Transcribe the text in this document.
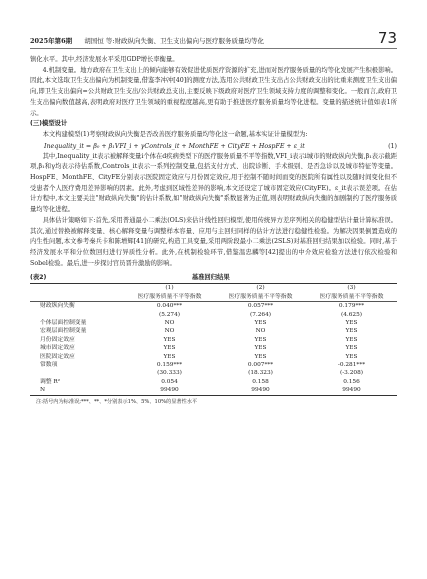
2025年第6期 胡国恒 等:财政纵向失衡、卫生支出偏向与医疗服务质量均等化	73

镇化水平。其中,经济发展水平采用GDP增长率衡量。

4.机制变量。地方政府在卫生支出上的倾向能够有效促进优质医疗资源的扩充,进而对医疗服务质量的均等化发展产生积极影响。因此,本文选取卫生支出偏向为机制变量,借鉴李冲冲[40]的测度方法,选用公共财政卫生支出占公共财政支出的比重来测度卫生支出偏向,即卫生支出偏向=公共财政卫生支出/公共财政总支出,主要反映下级政府对医疗卫生领域支持力度的调整和变化。一般而言,政府卫生支出偏向数值越高,表明政府对医疗卫生领域的重视程度越高,更有助于推进医疗服务质量均等化进程。变量的描述统计值如表1所示。

(三)模型设计

本文构建模型(1)考察财政纵向失衡是否改善医疗服务质量均等化这一命题,基本实证计量模型为:

Inequality_it = β₀ + β₁VFI_i + γControls_it + MonthFE + CityFE + HospFE + ε_it	(1)

其中,Inequality_it表示被解释变量i个体在d疾病类型下的医疗服务质量不平等指数,VFI_i表示i城市的财政纵向失衡,β₁表示截距项,β₁和γ均表示待估系数,Controls_it表示一系列控制变量,包括支付方式、出院诊断、手术级别、是否急诊以及城市特征等变量。HospFE、MonthFE、CityFE分别表示医院固定效应与月份固定效应,用于控制不随时间而变的医院所有属性以及随时间变化但不受患者个人医疗费用差异影响的因素。此外,考虑到区域性差异的影响,本文还设定了城市固定效应(CityFE)。ε_it表示误差项。在估计方程中,本文主要关注"财政纵向失衡"的估计系数,如"财政纵向失衡"系数显著为正值,则表明财政纵向失衡的加剧制约了医疗服务质量均等化进程。

具体估计策略如下:首先,采用普通最小二乘法(OLS)来估计线性回归模型,使用传统异方差序列相关的稳健型估计量计算标准误。其次,通过替换被解释变量、核心解释变量与调整样本容量、应用与主回归同样的估计方法进行稳健性检验。为解决因果倒置造成的内生性问题,本文参考秦兵卡和陈增辉[41]的研究,构造工具变量,采用两阶段最小二乘法(2SLS)对基准回归结果加以检验。同时,基于经济发展水平和分位数回归进行异质性分析。此外,在机制检验环节,借鉴温忠麟等[42]提出的中介效应检验方法进行依次检验和Sobel检验。最后,进一步探讨官员晋升激励的影响。

(表2)	基准回归结果
	(1)	(2)	(3)
	医疗服务质量不平等指数	医疗服务质量不平等指数	医疗服务质量不平等指数
财政纵向失衡	0.040***	0.057***	0.179***
	(5.274)	(7.264)	(4.625)
个体层面控制变量	NO	YES	YES
宏观层面控制变量	NO	NO	YES
月份固定效应	YES	YES	YES
城市固定效应	YES	YES	YES
医院固定效应	YES	YES	YES
常数项	0.159***	0.007***	-0.281***
	(30.333)	(18.323)	(-3.208)
调整 R²	0.054	0.158	0.156
N	99490	99490	99490
注:括号内为标准误;***、**、*分别表示1%、5%、10%的显著性水平
